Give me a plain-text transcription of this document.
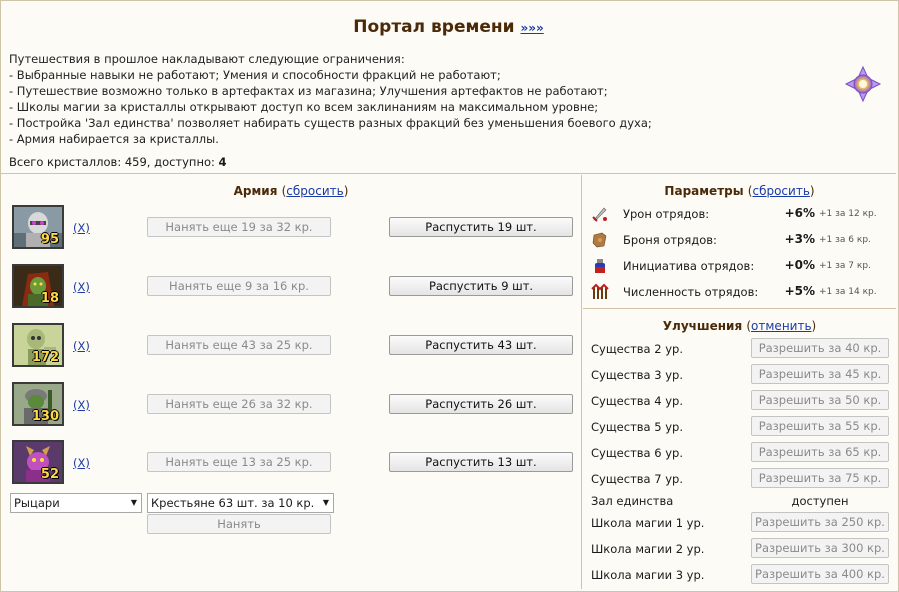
Портал времени »»»
Путешествия в прошлое накладывают следующие ограничения:
- Выбранные навыки не работают; Умения и способности фракций не работают;
- Путешествие возможно только в артефактах из магазина; Улучшения артефактов не работают;
- Школы магии за кристаллы открывают доступ ко всем заклинаниям на максимальном уровне;
- Постройка 'Зал единства' позволяет набирать существ разных фракций без уменьшения боевого духа;
- Армия набирается за кристаллы.
Всего кристаллов: 459, доступно: 4
Армия (сбросить)
95
(X)	Нанять еще 19 за 32 кр.	Распустить 19 шт.
18
(X)	Нанять еще 9 за 16 кр.	Распустить 9 шт.
172
(X)	Нанять еще 43 за 25 кр.	Распустить 43 шт.
130
(X)	Нанять еще 26 за 32 кр.	Распустить 26 шт.
52
(X)	Нанять еще 13 за 25 кр.	Распустить 13 шт.
Рыцари	▼	Крестьяне 63 шт. за 10 кр. ▼
Нанять
Параметры (сбросить)
Урон отрядов:	+6% +1 за 12 кр.
Броня отрядов:	+3% +1 за 6 кр.
Инициатива отрядов:	+0% +1 за 7 кр.
Численность отрядов:	+5% +1 за 14 кр.
Улучшения (отменить)
Существа 2 ур.	Разрешить за 40 кр.
Существа 3 ур.	Разрешить за 45 кр.
Существа 4 ур.	Разрешить за 50 кр.
Существа 5 ур.	Разрешить за 55 кр.
Существа 6 ур.	Разрешить за 65 кр.
Существа 7 ур.	Разрешить за 75 кр.
Зал единства	доступен
Школа магии 1 ур.	Разрешить за 250 кр.
Школа магии 2 ур.	Разрешить за 300 кр.
Школа магии 3 ур.	Разрешить за 400 кр.
